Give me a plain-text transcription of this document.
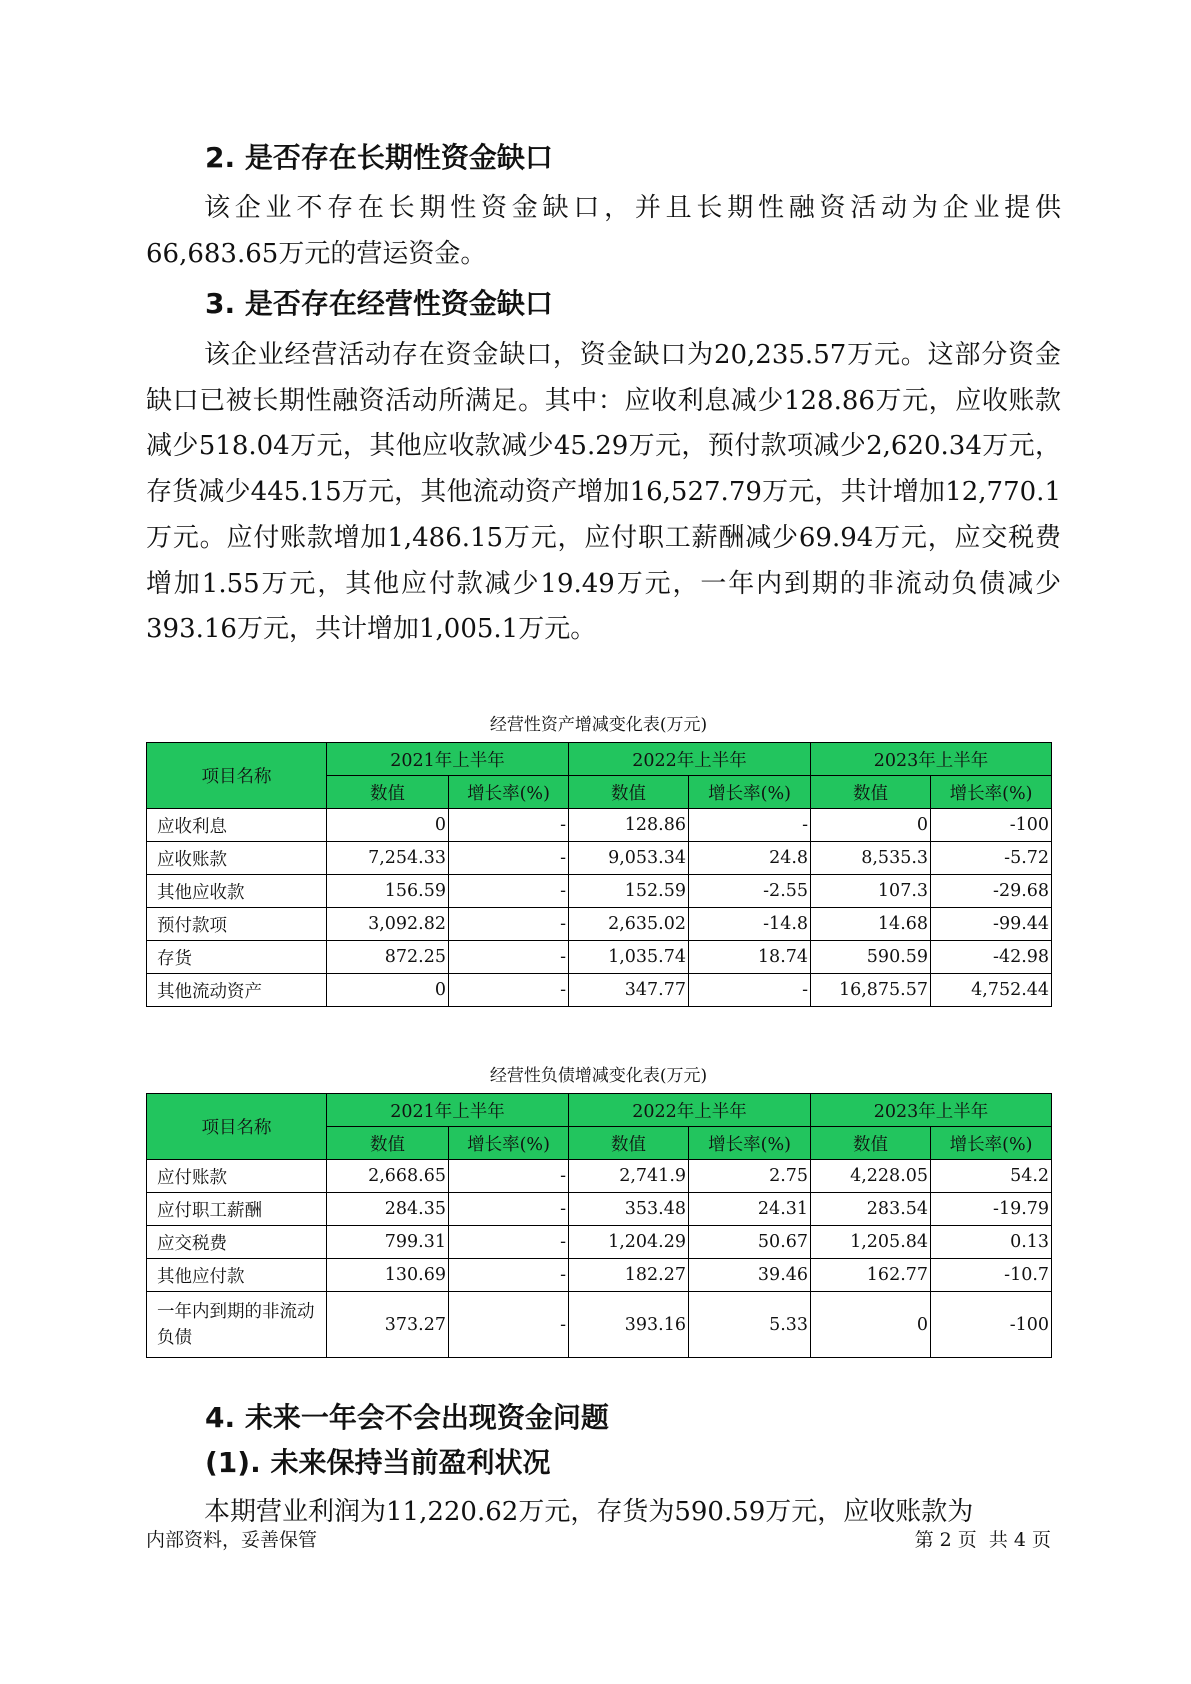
2. 是否存在长期性资金缺口

该企业不存在长期性资金缺口，并且长期性融资活动为企业提供66,683.65万元的营运资金。

3. 是否存在经营性资金缺口

该企业经营活动存在资金缺口，资金缺口为20,235.57万元。这部分资金缺口已被长期性融资活动所满足。其中：应收利息减少128.86万元，应收账款减少518.04万元，其他应收款减少45.29万元，预付款项减少2,620.34万元，存货减少445.15万元，其他流动资产增加16,527.79万元，共计增加12,770.1万元。应付账款增加1,486.15万元，应付职工薪酬减少69.94万元，应交税费增加1.55万元，其他应付款减少19.49万元，一年内到期的非流动负债减少393.16万元，共计增加1,005.1万元。

经营性资产增减变化表(万元)
项目名称	2021年上半年		2022年上半年		2023年上半年	
	数值	增长率(%)	数值	增长率(%)	数值	增长率(%)
应收利息	0	-	128.86	-	0	-100
应收账款	7,254.33	-	9,053.34	24.8	8,535.3	-5.72
其他应收款	156.59	-	152.59	-2.55	107.3	-29.68
预付款项	3,092.82	-	2,635.02	-14.8	14.68	-99.44
存货	872.25	-	1,035.74	18.74	590.59	-42.98
其他流动资产	0	-	347.77	-	16,875.57	4,752.44
经营性负债增减变化表(万元)
项目名称	2021年上半年		2022年上半年		2023年上半年	
	数值	增长率(%)	数值	增长率(%)	数值	增长率(%)
应付账款	2,668.65	-	2,741.9	2.75	4,228.05	54.2
应付职工薪酬	284.35	-	353.48	24.31	283.54	-19.79
应交税费	799.31	-	1,204.29	50.67	1,205.84	0.13
其他应付款	130.69	-	182.27	39.46	162.77	-10.7
一年内到期的非流动负债	373.27	-	393.16	5.33	0	-100
4. 未来一年会不会出现资金问题
(1). 未来保持当前盈利状况

本期营业利润为11,220.62万元，存货为590.59万元，应收账款为

内部资料，妥善保管	第 2 页  共 4 页
